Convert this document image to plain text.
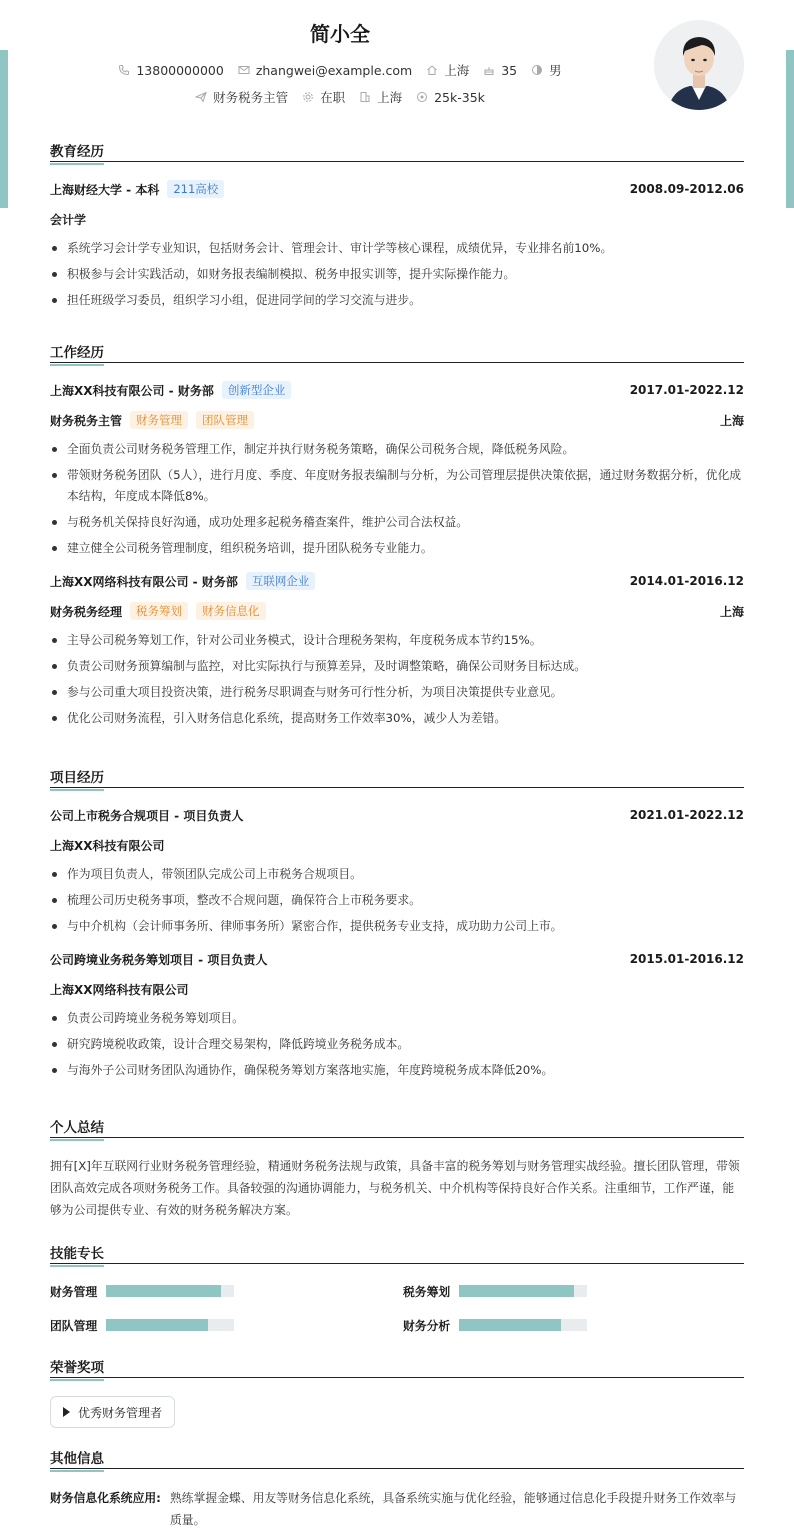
简小全
13800000000	zhangwei@example.com	上海	35	男
财务税务主管	在职	上海	25k-35k
教育经历
上海财经大学 - 本科	211高校	2008.09-2012.06
会计学
系统学习会计学专业知识，包括财务会计、管理会计、审计学等核心课程，成绩优异，专业排名前10%。
积极参与会计实践活动，如财务报表编制模拟、税务申报实训等，提升实际操作能力。
担任班级学习委员，组织学习小组，促进同学间的学习交流与进步。
工作经历
上海XX科技有限公司 - 财务部	创新型企业	2017.01-2022.12
财务税务主管	财务管理	团队管理	上海
全面负责公司财务税务管理工作，制定并执行财务税务策略，确保公司税务合规，降低税务风险。
带领财务税务团队（5人），进行月度、季度、年度财务报表编制与分析，为公司管理层提供决策依据，通过财务数据分析，优化成本结构，年度成本降低8%。
与税务机关保持良好沟通，成功处理多起税务稽查案件，维护公司合法权益。
建立健全公司税务管理制度，组织税务培训，提升团队税务专业能力。
上海XX网络科技有限公司 - 财务部	互联网企业	2014.01-2016.12
财务税务经理	税务筹划	财务信息化	上海
主导公司税务筹划工作，针对公司业务模式，设计合理税务架构，年度税务成本节约15%。
负责公司财务预算编制与监控，对比实际执行与预算差异，及时调整策略，确保公司财务目标达成。
参与公司重大项目投资决策，进行税务尽职调查与财务可行性分析，为项目决策提供专业意见。
优化公司财务流程，引入财务信息化系统，提高财务工作效率30%，减少人为差错。
项目经历
公司上市税务合规项目 - 项目负责人	2021.01-2022.12
上海XX科技有限公司
作为项目负责人，带领团队完成公司上市税务合规项目。
梳理公司历史税务事项，整改不合规问题，确保符合上市税务要求。
与中介机构（会计师事务所、律师事务所）紧密合作，提供税务专业支持，成功助力公司上市。
公司跨境业务税务筹划项目 - 项目负责人	2015.01-2016.12
上海XX网络科技有限公司
负责公司跨境业务税务筹划项目。
研究跨境税收政策，设计合理交易架构，降低跨境业务税务成本。
与海外子公司财务团队沟通协作，确保税务筹划方案落地实施，年度跨境税务成本降低20%。
个人总结

拥有[X]年互联网行业财务税务管理经验，精通财务税务法规与政策，具备丰富的税务筹划与财务管理实战经验。擅长团队管理，带领团队高效完成各项财务税务工作。具备较强的沟通协调能力，与税务机关、中介机构等保持良好合作关系。注重细节，工作严谨，能够为公司提供专业、有效的财务税务解决方案。

技能专长
财务管理	税务筹划
团队管理	财务分析
荣誉奖项
优秀财务管理者
其他信息
财务信息化系统应用: 熟练掌握金蝶、用友等财务信息化系统，具备系统实施与优化经验，能够通过信息化手段提升财务工作效率与质量。
